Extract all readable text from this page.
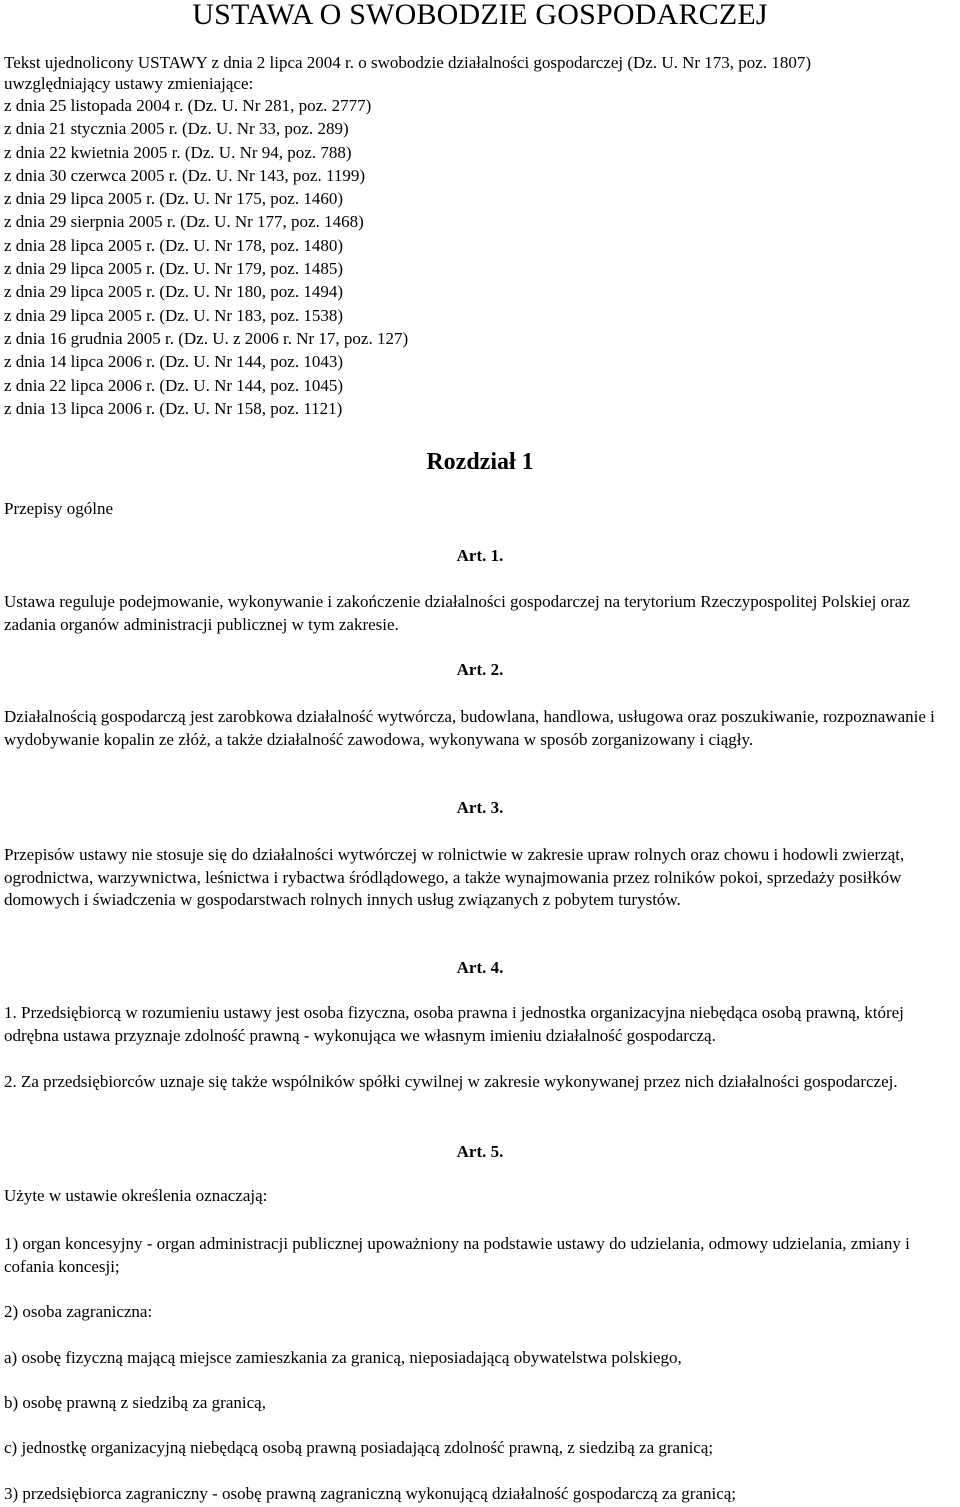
USTAWA O SWOBODZIE GOSPODARCZEJ
Tekst ujednolicony USTAWY z dnia 2 lipca 2004 r. o swobodzie działalności gospodarczej (Dz. U. Nr 173, poz. 1807)
uwzględniający ustawy zmieniające:
z dnia 25 listopada 2004 r. (Dz. U. Nr 281, poz. 2777)
z dnia 21 stycznia 2005 r. (Dz. U. Nr 33, poz. 289)
z dnia 22 kwietnia 2005 r. (Dz. U. Nr 94, poz. 788)
z dnia 30 czerwca 2005 r. (Dz. U. Nr 143, poz. 1199)
z dnia 29 lipca 2005 r. (Dz. U. Nr 175, poz. 1460)
z dnia 29 sierpnia 2005 r. (Dz. U. Nr 177, poz. 1468)
z dnia 28 lipca 2005 r. (Dz. U. Nr 178, poz. 1480)
z dnia 29 lipca 2005 r. (Dz. U. Nr 179, poz. 1485)
z dnia 29 lipca 2005 r. (Dz. U. Nr 180, poz. 1494)
z dnia 29 lipca 2005 r. (Dz. U. Nr 183, poz. 1538)
z dnia 16 grudnia 2005 r. (Dz. U. z 2006 r. Nr 17, poz. 127)
z dnia 14 lipca 2006 r. (Dz. U. Nr 144, poz. 1043)
z dnia 22 lipca 2006 r. (Dz. U. Nr 144, poz. 1045)
z dnia 13 lipca 2006 r. (Dz. U. Nr 158, poz. 1121)
Rozdział 1
Przepisy ogólne
Art. 1.
Ustawa reguluje podejmowanie, wykonywanie i zakończenie działalności gospodarczej na terytorium Rzeczypospolitej Polskiej oraz zadania organów administracji publicznej w tym zakresie.
Art. 2.
Działalnością gospodarczą jest zarobkowa działalność wytwórcza, budowlana, handlowa, usługowa oraz poszukiwanie, rozpoznawanie i wydobywanie kopalin ze złóż, a także działalność zawodowa, wykonywana w sposób zorganizowany i ciągły.
Art. 3.
Przepisów ustawy nie stosuje się do działalności wytwórczej w rolnictwie w zakresie upraw rolnych oraz chowu i hodowli zwierząt, ogrodnictwa, warzywnictwa, leśnictwa i rybactwa śródlądowego, a także wynajmowania przez rolników pokoi, sprzedaży posiłków domowych i świadczenia w gospodarstwach rolnych innych usług związanych z pobytem turystów.
Art. 4.
1. Przedsiębiorcą w rozumieniu ustawy jest osoba fizyczna, osoba prawna i jednostka organizacyjna niebędąca osobą prawną, której odrębna ustawa przyznaje zdolność prawną - wykonująca we własnym imieniu działalność gospodarczą.
2. Za przedsiębiorców uznaje się także wspólników spółki cywilnej w zakresie wykonywanej przez nich działalności gospodarczej.
Art. 5.
Użyte w ustawie określenia oznaczają:
1) organ koncesyjny - organ administracji publicznej upoważniony na podstawie ustawy do udzielania, odmowy udzielania, zmiany i cofania koncesji;
2) osoba zagraniczna:
a) osobę fizyczną mającą miejsce zamieszkania za granicą, nieposiadającą obywatelstwa polskiego,
b) osobę prawną z siedzibą za granicą,
c) jednostkę organizacyjną niebędącą osobą prawną posiadającą zdolność prawną, z siedzibą za granicą;
3) przedsiębiorca zagraniczny - osobę prawną zagraniczną wykonującą działalność gospodarczą za granicą;
